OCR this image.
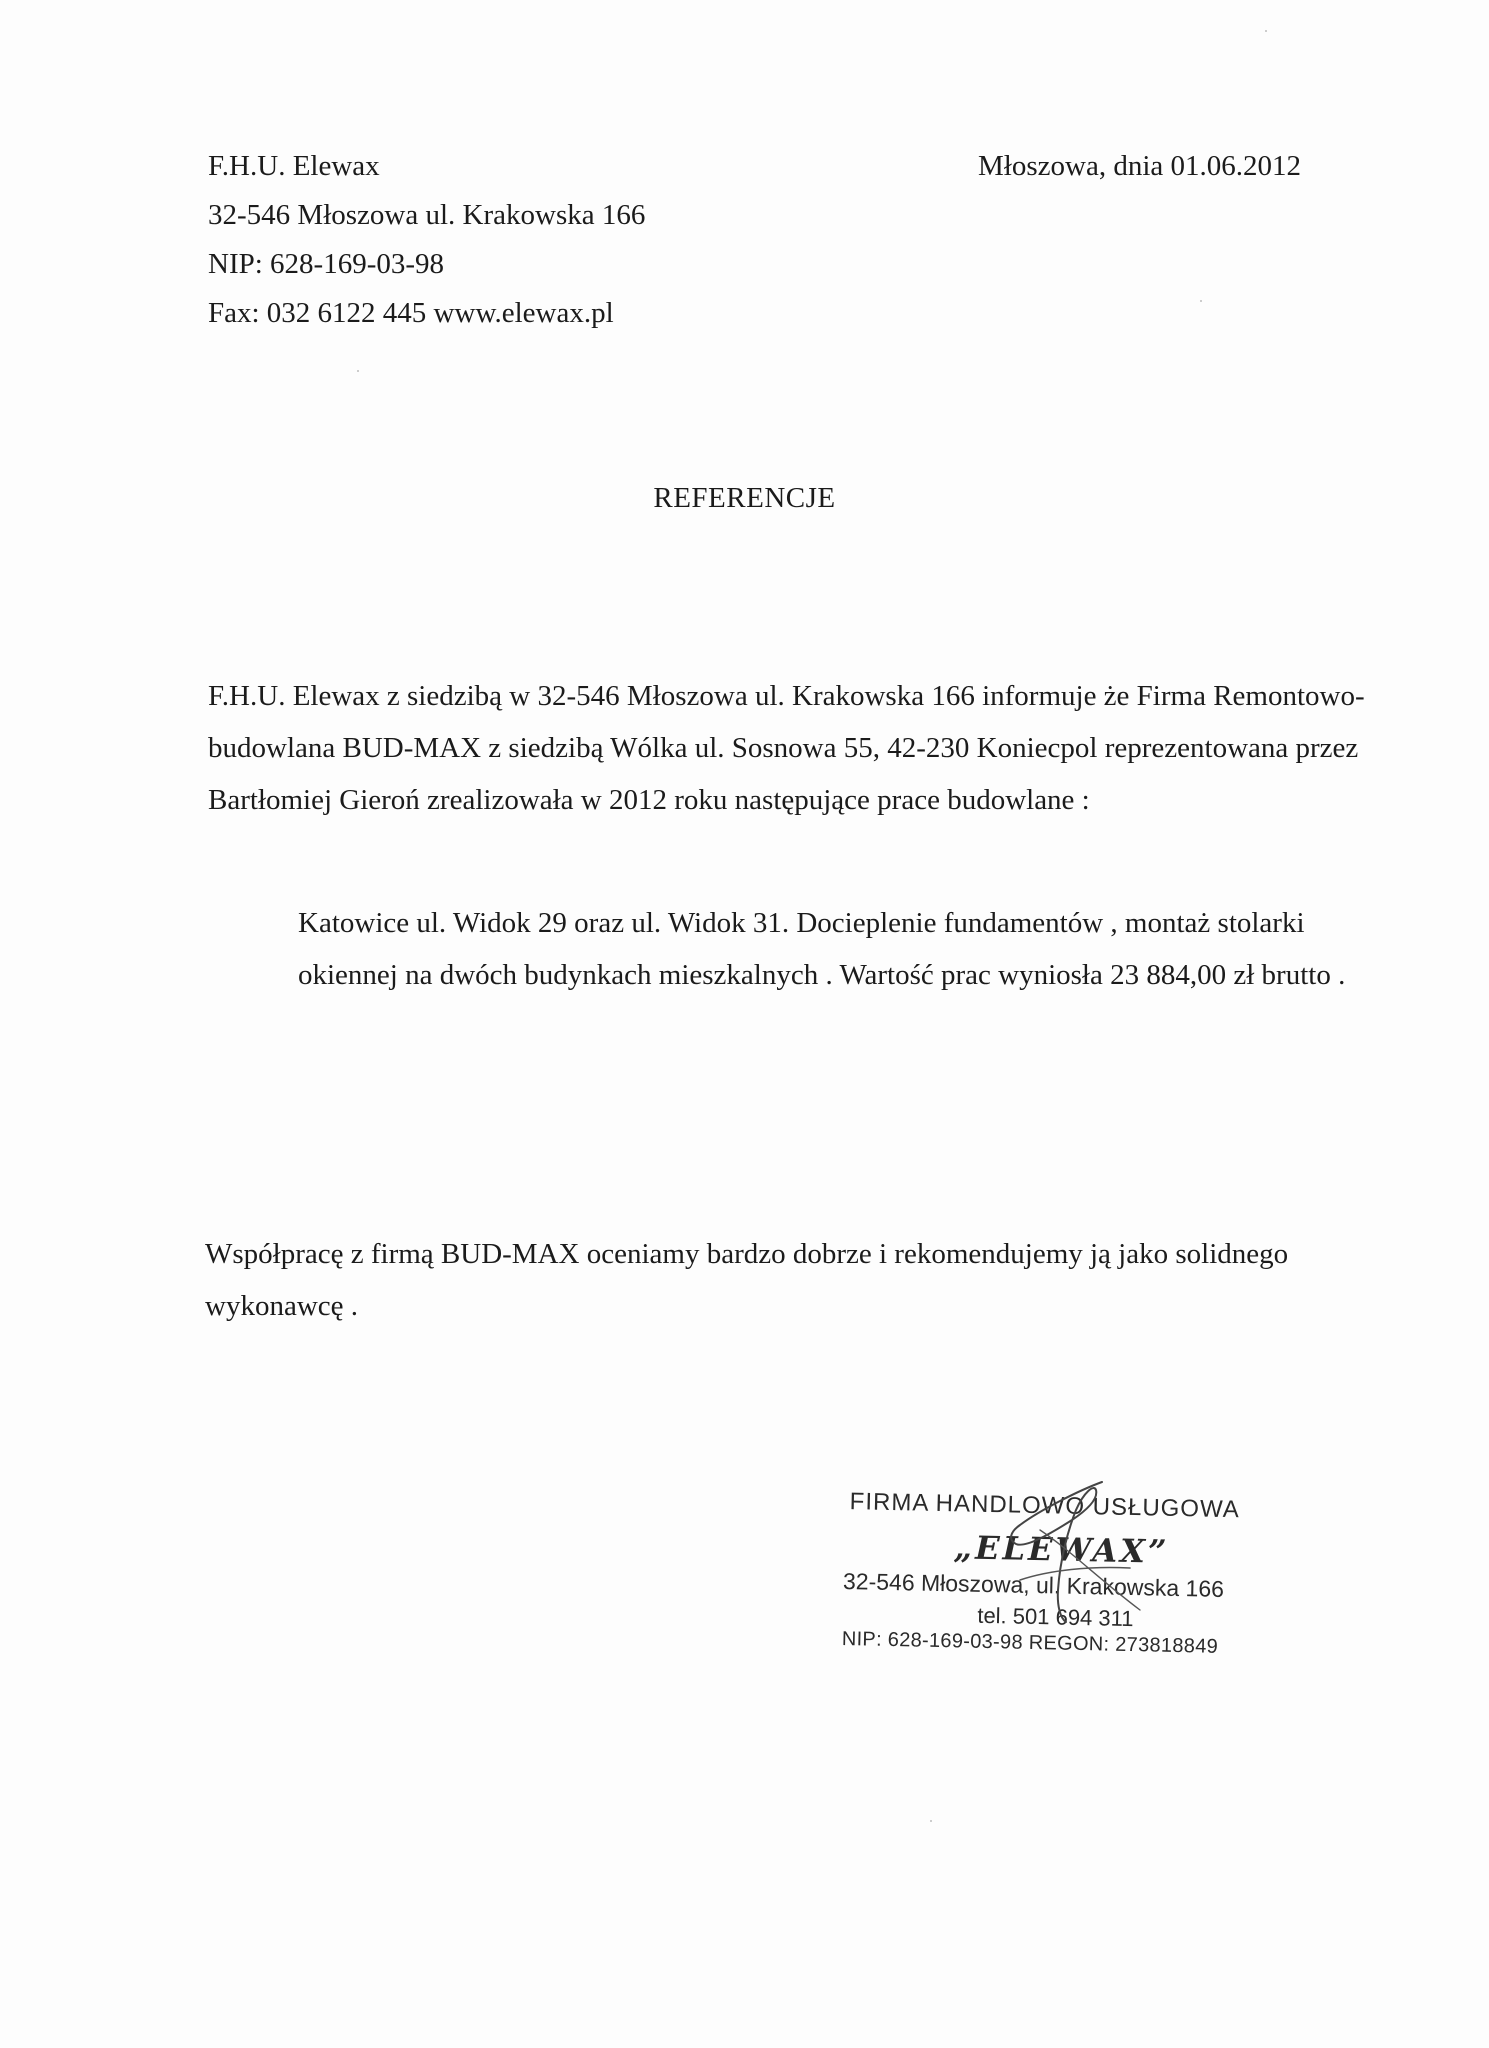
F.H.U. Elewax
32-546 Młoszowa ul. Krakowska 166
NIP: 628-169-03-98
Fax: 032 6122 445 www.elewax.pl
Młoszowa, dnia 01.06.2012
REFERENCJE
F.H.U. Elewax z siedzibą w 32-546 Młoszowa ul. Krakowska 166 informuje że Firma Remontowo-
budowlana BUD-MAX z siedzibą Wólka ul. Sosnowa 55, 42-230 Koniecpol reprezentowana przez
Bartłomiej Gieroń zrealizowała w 2012 roku następujące prace budowlane :
Katowice ul. Widok 29 oraz ul. Widok 31. Docieplenie fundamentów , montaż stolarki
okiennej na dwóch budynkach mieszkalnych . Wartość prac wyniosła 23 884,00 zł brutto .
Współpracę z firmą BUD-MAX oceniamy bardzo dobrze i rekomendujemy ją jako solidnego
wykonawcę .
FIRMA HANDLOWO USŁUGOWA
„ELEWAX”
32-546 Młoszowa, ul. Krakowska 166
tel. 501 694 311
NIP: 628-169-03-98 REGON: 273818849
